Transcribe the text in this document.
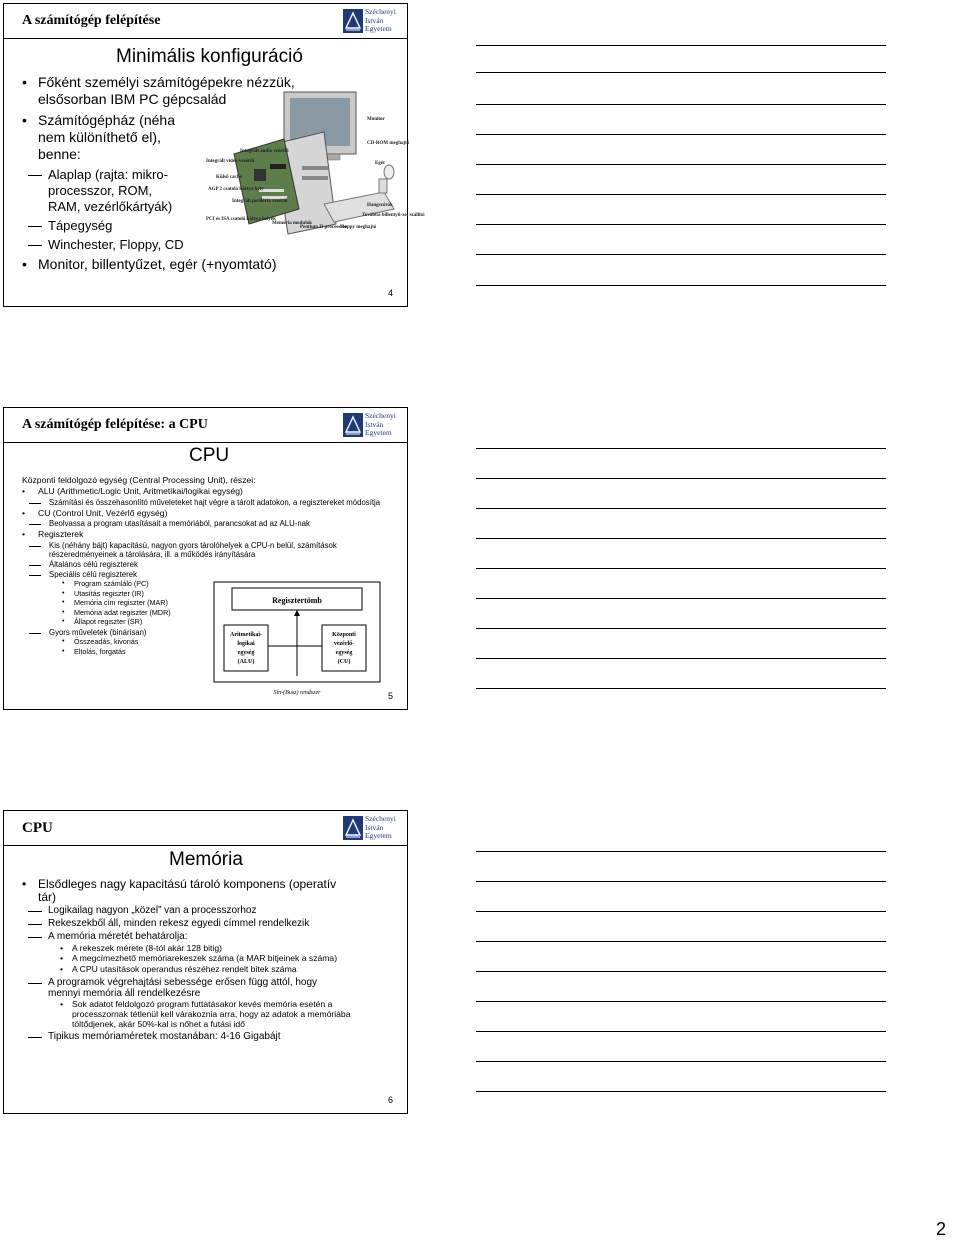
A számítógép felépítése
Széchenyi
István
Egyetem
Minimális konfiguráció
• Főként személyi számítógépekre nézzük, elsősorban IBM PC gépcsalád
• Számítógépház (néha nem különíthető el), benne:
Alaplap (rajta: mikro-processzor, ROM, RAM, vezérlőkártyák)
Tápegység
Winchester, Floppy, CD
• Monitor, billentyűzet, egér (+nyomtató)
Integrált audio vezérlő
Integrált video vezérlő
Külső cache
AGP 2 csatolá kártya hely
Integrált periféria vezérlő
PCI és ISA csatoló kártya helyek
Memória modulok
Pentium II processzor
Floppy meghajtó
Monitor
CD-ROM meghajtó
Egér
Hangszórók
Továbbá billentyű-zet szállító
4
A számítógép felépítése: a CPU
Széchenyi
István
Egyetem
CPU
Központi feldolgozó egység (Central Processing Unit), részei:
• ALU (Arithmetic/Logic Unit, Aritmetikai/logikai egység)
Számítási és összehasonlító műveleteket hajt végre a tárolt adatokon, a regisztereket módosítja
• CU (Control Unit, Vezérlő egység)
Beolvassa a program utasításait a memóriából, parancsokat ad az ALU-nak
• Regiszterek
Kis (néhány bájt) kapacitású, nagyon gyors tárolóhelyek a CPU-n belül, számítások részeredményeinek a tárolására, ill. a működés irányítására
Általános célú regiszterek
Speciális célú regiszterek
• Program számláló (PC)
• Utasítás regiszter (IR)
• Memória cím regiszter (MAR)
• Memória adat regiszter (MDR)
• Állapot regiszter (SR)
Gyors műveletek (binárisan)
• Összeadás, kivonás
• Eltolás, forgatás
Regisztertömb
Aritmetikai-
logikai
egység
(ALU)
Központi
vezérlő-
egység
(CU)
Sín-(Busz) rendszer	5
CPU
Széchenyi
István
Egyetem
Memória
• Elsődleges nagy kapacitású tároló komponens (operatív tár)
Logikailag nagyon „közel” van a processzorhoz
Rekeszekből áll, minden rekesz egyedi címmel rendelkezik
A memória méretét behatárolja:
• A rekeszek mérete (8-tól akár 128 bitig)
• A megcímezhető memóriarekeszek száma (a MAR bitjeinek a száma)
• A CPU utasítások operandus részéhez rendelt bitek száma
A programok végrehajtási sebessége erősen függ attól, hogy mennyi memória áll rendelkezésre
• Sok adatot feldolgozó program futtatásakor kevés memória esetén a processzornak tétlenül kell várakoznia arra, hogy az adatok a memóriába töltődjenek, akár 50%-kal is nőhet a futási idő
Tipikus memóriaméretek mostanában: 4-16 Gigabájt
6
2
